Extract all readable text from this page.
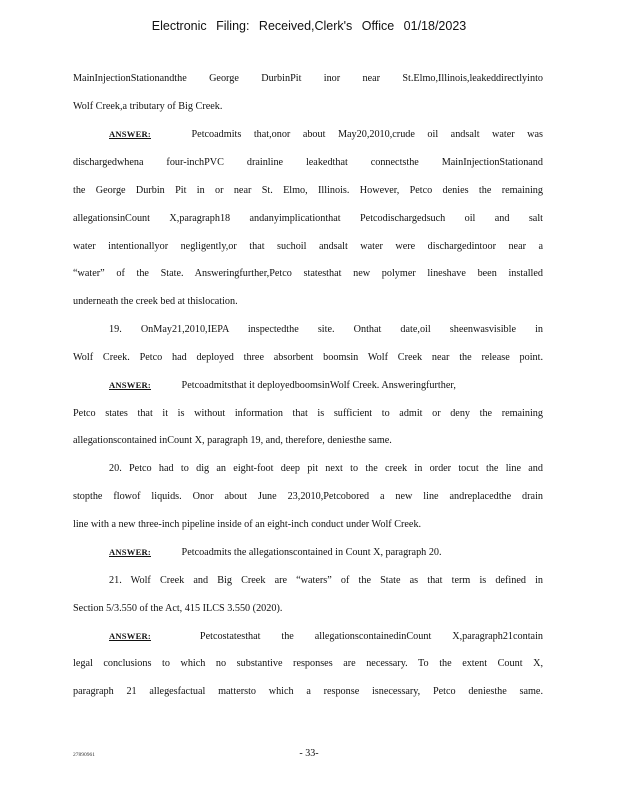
Electronic Filing: Received,Clerk's Office 01/18/2023
MainInjectionStationandthe George DurbinPit inor near St.Elmo,Illinois,leakeddirectlyinto
Wolf Creek,a tributary of Big Creek.
ANSWER:	Petcoadmits that,onor about May20,2010,crude oil andsalt water was
dischargedwhena four-inchPVC drainline leakedthat connectsthe MainInjectionStationand
the George Durbin Pit in or near St. Elmo, Illinois. However, Petco denies the remaining
allegationsinCount X,paragraph18 andanyimplicationthat Petcodischargedsuch oil and salt
water intentionallyor negligently,or that suchoil andsalt water were dischargedintoor near a
“water” of the State. Answeringfurther,Petco statesthat new polymer lineshave been installed
underneath the creek bed at thislocation.
19. OnMay21,2010,IEPA inspectedthe site. Onthat date,oil sheenwasvisible in
Wolf Creek. Petco had deployed three absorbent boomsin Wolf Creek near the release point.
ANSWER:	Petcoadmitsthat it deployedboomsinWolf Creek. Answeringfurther,
Petco states that it is without information that is sufficient to admit or deny the remaining
allegationscontained inCount X, paragraph 19, and, therefore, deniesthe same.
20. Petco had to dig an eight-foot deep pit next to the creek in order tocut the line and
stopthe flowof liquids. Onor about June 23,2010,Petcobored a new line andreplacedthe drain
line with a new three-inch pipeline inside of an eight-inch conduct under Wolf Creek.
ANSWER:	Petcoadmits the allegationscontained in Count X, paragraph 20.
21. Wolf Creek and Big Creek are “waters” of the State as that term is defined in
Section 5/3.550 of the Act, 415 ILCS 3.550 (2020).
ANSWER:	Petcostatesthat the allegationscontainedinCount X,paragraph21contain
legal conclusions to which no substantive responses are necessary. To the extent Count X,
paragraph 21 allegesfactual mattersto which a response isnecessary, Petco deniesthe same.
27890961	- 33-
